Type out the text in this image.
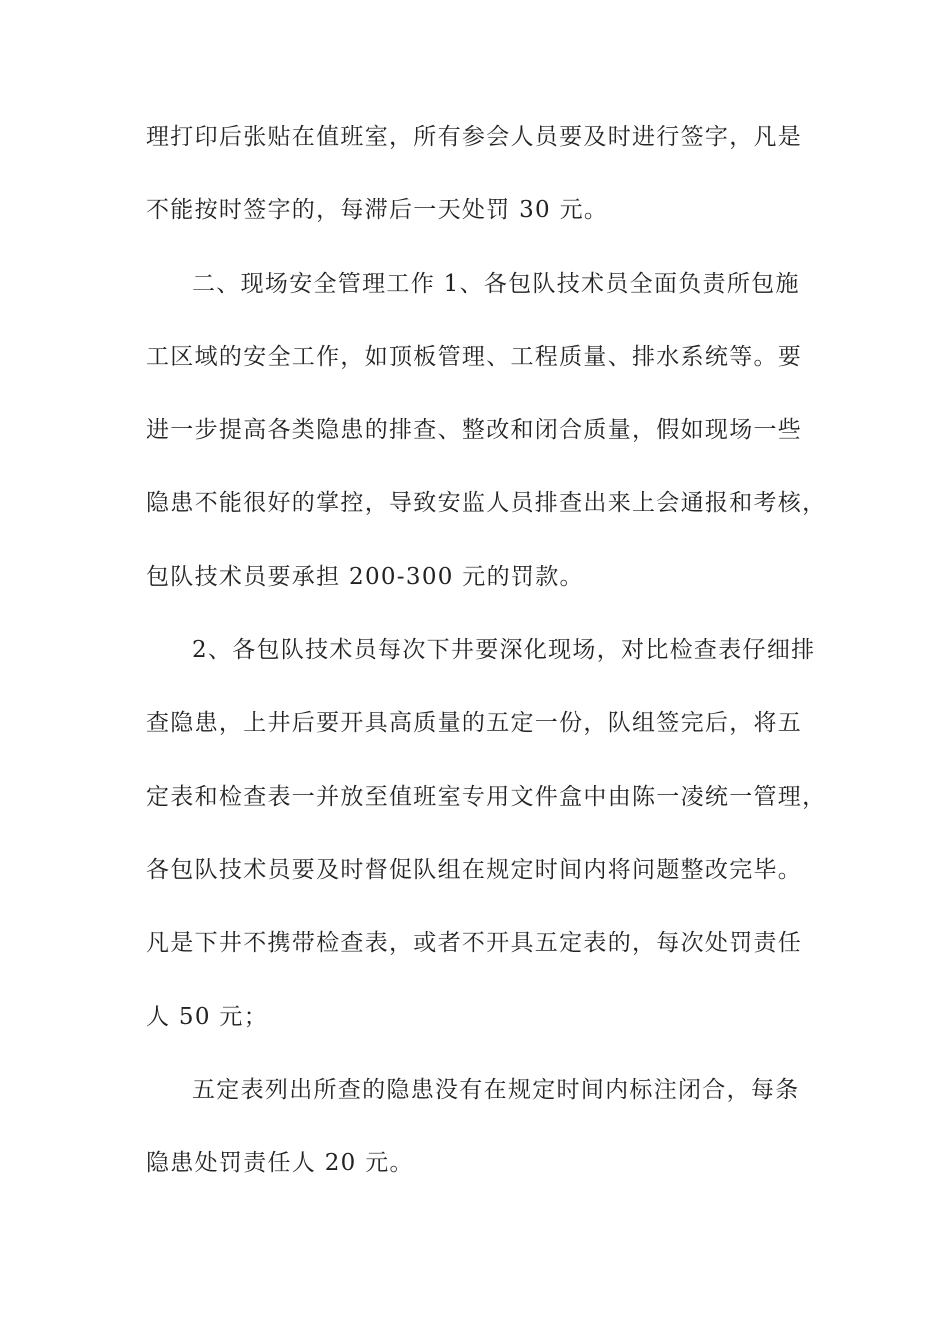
理打印后张贴在值班室，所有参会人员要及时进行签字，凡是

不能按时签字的，每滞后一天处罚 30 元。

二、现场安全管理工作 1、各包队技术员全面负责所包施

工区域的安全工作，如顶板管理、工程质量、排水系统等。要

进一步提高各类隐患的排查、整改和闭合质量，假如现场一些

隐患不能很好的掌控，导致安监人员排查出来上会通报和考核，

包队技术员要承担 200-300 元的罚款。

2、各包队技术员每次下井要深化现场，对比检查表仔细排

查隐患，上井后要开具高质量的五定一份，队组签完后，将五

定表和检查表一并放至值班室专用文件盒中由陈一凌统一管理，

各包队技术员要及时督促队组在规定时间内将问题整改完毕。

凡是下井不携带检查表，或者不开具五定表的，每次处罚责任

人 50 元；

五定表列出所查的隐患没有在规定时间内标注闭合，每条

隐患处罚责任人 20 元。
